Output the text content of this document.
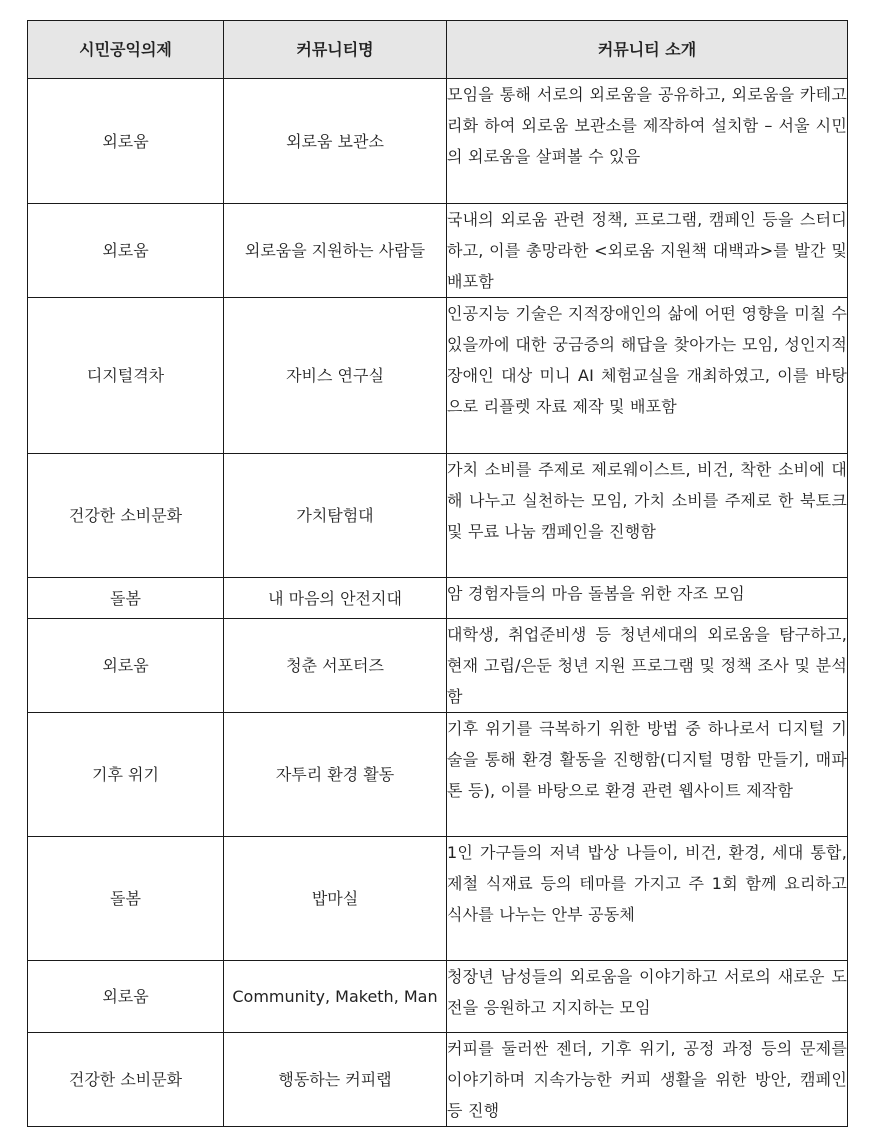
시민공익의제	커뮤니티명	커뮤니티 소개
외로움	외로움 보관소	모임을 통해 서로의 외로움을 공유하고, 외로움을 카테고리화 하여 외로움 보관소를 제작하여 설치함 – 서울 시민의 외로움을 살펴볼 수 있음
외로움	외로움을 지원하는 사람들	국내의 외로움 관련 정책, 프로그램, 캠페인 등을 스터디하고, 이를 총망라한 <외로움 지원책 대백과>를 발간 및 배포함
디지털격차	자비스 연구실	인공지능 기술은 지적장애인의 삶에 어떤 영향을 미칠 수 있을까에 대한 궁금증의 해답을 찾아가는 모임, 성인지적장애인 대상 미니 AI 체험교실을 개최하였고, 이를 바탕으로 리플렛 자료 제작 및 배포함
건강한 소비문화	가치탐험대	가치 소비를 주제로 제로웨이스트, 비건, 착한 소비에 대해 나누고 실천하는 모임, 가치 소비를 주제로 한 북토크 및 무료 나눔 캠페인을 진행함
돌봄	내 마음의 안전지대	암 경험자들의 마음 돌봄을 위한 자조 모임
외로움	청춘 서포터즈	대학생, 취업준비생 등 청년세대의 외로움을 탐구하고, 현재 고립/은둔 청년 지원 프로그램 및 정책 조사 및 분석함
기후 위기	자투리 환경 활동	기후 위기를 극복하기 위한 방법 중 하나로서 디지털 기술을 통해 환경 활동을 진행함(디지털 명함 만들기, 매파톤 등), 이를 바탕으로 환경 관련 웹사이트 제작함
돌봄	밥마실	1인 가구들의 저녁 밥상 나들이, 비건, 환경, 세대 통합, 제철 식재료 등의 테마를 가지고 주 1회 함께 요리하고 식사를 나누는 안부 공동체
외로움	Community, Maketh, Man	청장년 남성들의 외로움을 이야기하고 서로의 새로운 도전을 응원하고 지지하는 모임
건강한 소비문화	행동하는 커피랩	커피를 둘러싼 젠더, 기후 위기, 공정 과정 등의 문제를 이야기하며 지속가능한 커피 생활을 위한 방안, 캠페인 등 진행
